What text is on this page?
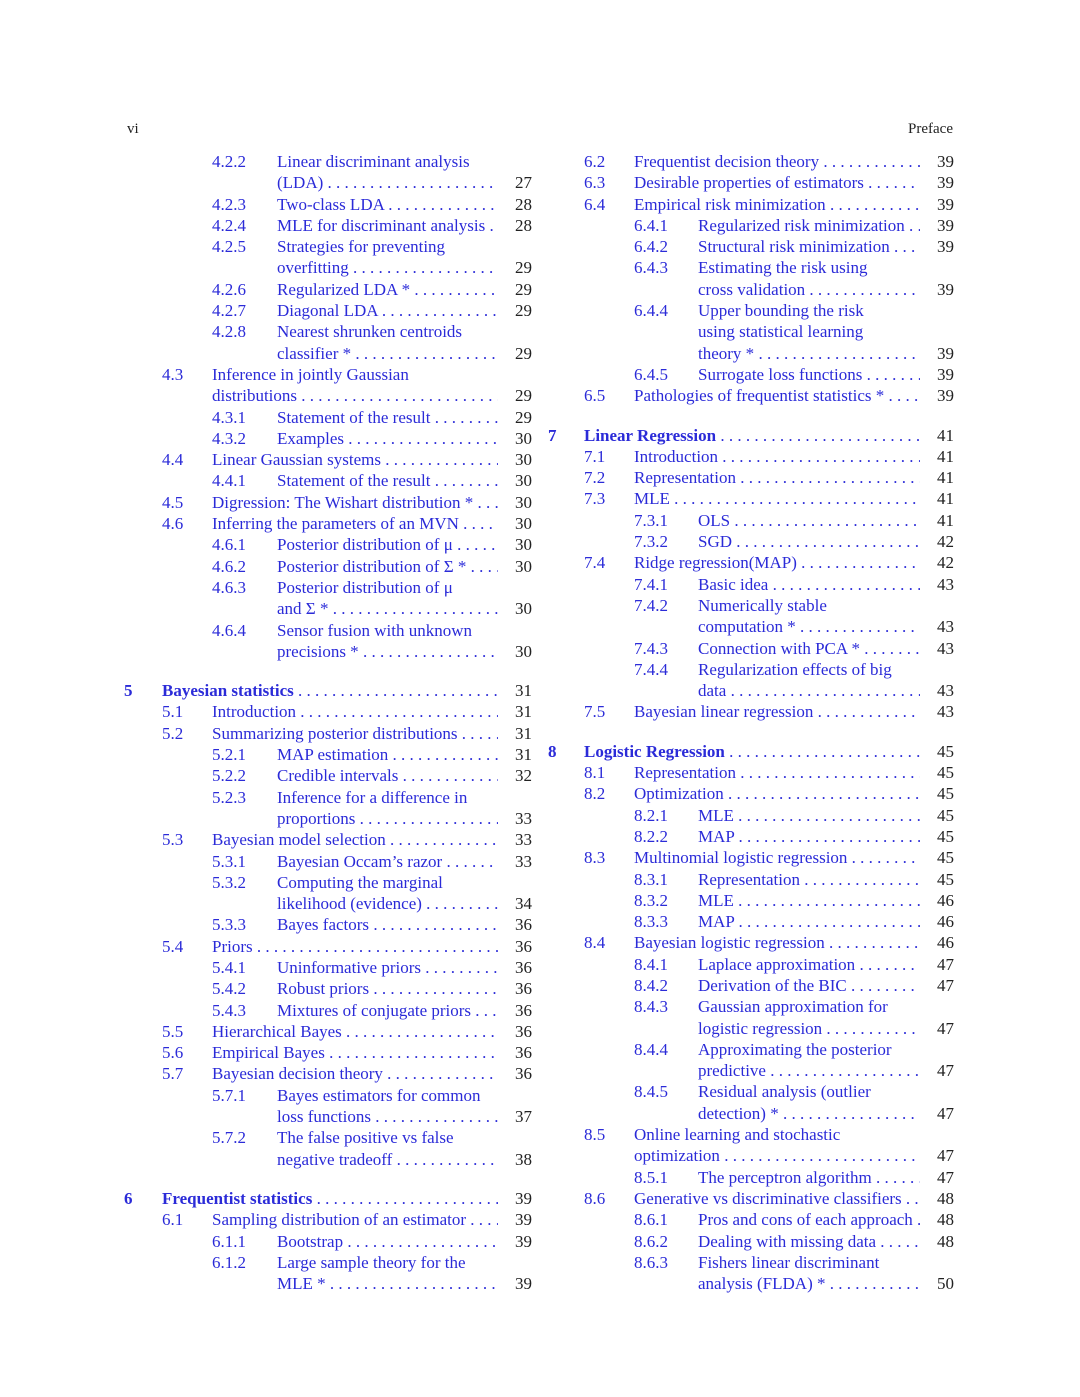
vi	Preface
4.2.2 Linear discriminant analysis
(LDA) . . .	27
4.2.3 Two-class LDA . . .	28
4.2.4 MLE for discriminant analysis . . .	28
4.2.5 Strategies for preventing
overfitting . . .	29
4.2.6 Regularized LDA * . . .	29
4.2.7 Diagonal LDA . . .	29
4.2.8 Nearest shrunken centroids
classifier * . . .	29
4.3 Inference in jointly Gaussian
distributions . . .	29
4.3.1 Statement of the result . . .	29
4.3.2 Examples . . .	30
4.4 Linear Gaussian systems . . .	30
4.4.1 Statement of the result . . .	30
4.5 Digression: The Wishart distribution * . . .	30
4.6 Inferring the parameters of an MVN . . .	30
4.6.1 Posterior distribution of μ . . .	30
4.6.2 Posterior distribution of Σ * . . .	30
4.6.3 Posterior distribution of μ
and Σ * . . .	30
4.6.4 Sensor fusion with unknown
precisions * . . .	30
5 Bayesian statistics . . .	31
5.1 Introduction . . .	31
5.2 Summarizing posterior distributions . . .	31
5.2.1 MAP estimation . . .	31
5.2.2 Credible intervals . . .	32
5.2.3 Inference for a difference in
proportions . . .	33
5.3 Bayesian model selection . . .	33
5.3.1 Bayesian Occam’s razor . . .	33
5.3.2 Computing the marginal
likelihood (evidence) . . .	34
5.3.3 Bayes factors . . .	36
5.4 Priors . . .	36
5.4.1 Uninformative priors . . .	36
5.4.2 Robust priors . . .	36
5.4.3 Mixtures of conjugate priors . . .	36
5.5 Hierarchical Bayes . . .	36
5.6 Empirical Bayes . . .	36
5.7 Bayesian decision theory . . .	36
5.7.1 Bayes estimators for common
loss functions . . .	37
5.7.2 The false positive vs false
negative tradeoff . . .	38
6 Frequentist statistics . . .	39
6.1 Sampling distribution of an estimator . . .	39
6.1.1 Bootstrap . . .	39
6.1.2 Large sample theory for the
MLE * . . .	39
6.2 Frequentist decision theory . . .	39
6.3 Desirable properties of estimators . . .	39
6.4 Empirical risk minimization . . .	39
6.4.1 Regularized risk minimization . . .	39
6.4.2 Structural risk minimization . . .	39
6.4.3 Estimating the risk using
cross validation . . .	39
6.4.4 Upper bounding the risk
using statistical learning
theory * . . .	39
6.4.5 Surrogate loss functions . . .	39
6.5 Pathologies of frequentist statistics * . . .	39
7 Linear Regression . . .	41
7.1 Introduction . . .	41
7.2 Representation . . .	41
7.3 MLE . . .	41
7.3.1 OLS . . .	41
7.3.2 SGD . . .	42
7.4 Ridge regression(MAP) . . .	42
7.4.1 Basic idea . . .	43
7.4.2 Numerically stable
computation * . . .	43
7.4.3 Connection with PCA * . . .	43
7.4.4 Regularization effects of big
data . . .	43
7.5 Bayesian linear regression . . .	43
8 Logistic Regression . . .	45
8.1 Representation . . .	45
8.2 Optimization . . .	45
8.2.1 MLE . . .	45
8.2.2 MAP . . .	45
8.3 Multinomial logistic regression . . .	45
8.3.1 Representation . . .	45
8.3.2 MLE . . .	46
8.3.3 MAP . . .	46
8.4 Bayesian logistic regression . . .	46
8.4.1 Laplace approximation . . .	47
8.4.2 Derivation of the BIC . . .	47
8.4.3 Gaussian approximation for
logistic regression . . .	47
8.4.4 Approximating the posterior
predictive . . .	47
8.4.5 Residual analysis (outlier
detection) * . . .	47
8.5 Online learning and stochastic
optimization . . .	47
8.5.1 The perceptron algorithm . . .	47
8.6 Generative vs discriminative classifiers . . .	48
8.6.1 Pros and cons of each approach . . .	48
8.6.2 Dealing with missing data . . .	48
8.6.3 Fishers linear discriminant
analysis (FLDA) * . . .	50
